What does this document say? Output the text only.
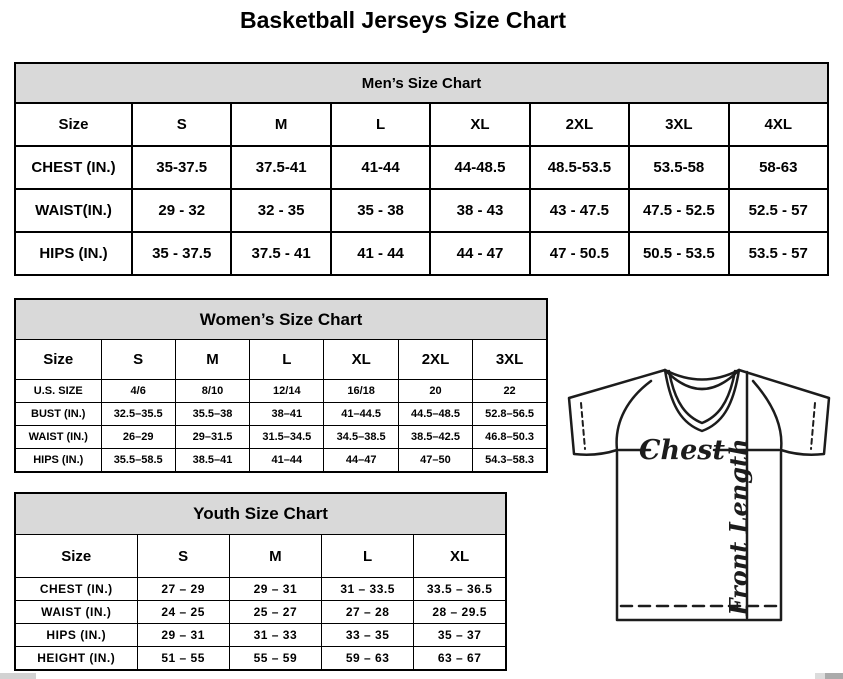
Basketball Jerseys Size Chart
Men’s Size Chart							
Size	S	M	L	XL	2XL	3XL	4XL
CHEST (IN.)	35-37.5	37.5-41	41-44	44-48.5	48.5-53.5	53.5-58	58-63
WAIST(IN.)	29 - 32	32 - 35	35 - 38	38 - 43	43 - 47.5	47.5 - 52.5	52.5 - 57
HIPS (IN.)	35 - 37.5	37.5 - 41	41 - 44	44 - 47	47 - 50.5	50.5 - 53.5	53.5 - 57
Women’s Size Chart						
Size	S	M	L	XL	2XL	3XL
U.S. SIZE	4/6	8/10	12/14	16/18	20	22
BUST (IN.)	32.5–35.5	35.5–38	38–41	41–44.5	44.5–48.5	52.8–56.5
WAIST (IN.)	26–29	29–31.5	31.5–34.5	34.5–38.5	38.5–42.5	46.8–50.3
HIPS (IN.)	35.5–58.5	38.5–41	41–44	44–47	47–50	54.3–58.3
Youth Size Chart				
Size	S	M	L	XL
CHEST (IN.)	27 – 29	29 – 31	31 – 33.5	33.5 – 36.5
WAIST (IN.)	24 – 25	25 – 27	27 – 28	28 – 29.5
HIPS (IN.)	29 – 31	31 – 33	33 – 35	35 – 37
HEIGHT (IN.)	51 – 55	55 – 59	59 – 63	63 – 67
Chest Front Length
